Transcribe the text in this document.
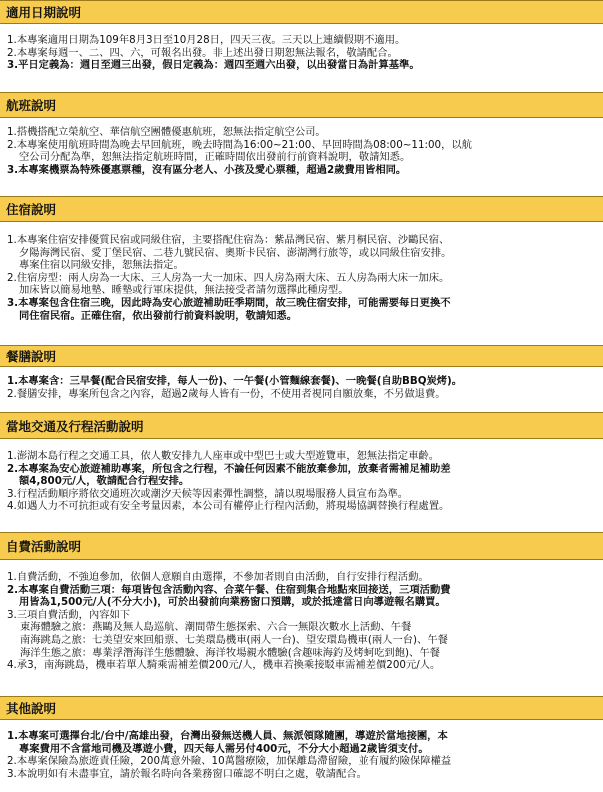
適用日期說明
1.本專案適用日期為109年8月3日至10月28日，四天三夜。三天以上連續假期不適用。
2.本專案每週一、二、四、六，可報名出發。非上述出發日期恕無法報名，敬請配合。
3.平日定義為：週日至週三出發，假日定義為：週四至週六出發，以出發當日為計算基準。
航班說明
1.搭機搭配立榮航空、華信航空團體優惠航班，恕無法指定航空公司。
2.本專案使用航班時間為晚去早回航班，晚去時間為16:00~21:00、早回時間為08:00~11:00，以航
空公司分配為準，恕無法指定航班時間，正確時間依出發前行前資料說明，敬請知悉。
3.本專案機票為特殊優惠票種，沒有區分老人、小孩及愛心票種，超過2歲費用皆相同。
住宿說明
1.本專案住宿安排優質民宿或同級住宿，主要搭配住宿為：紫晶灣民宿、紫月桐民宿、沙鷗民宿、
夕陽海灣民宿、愛丁堡民宿、二巷九號民宿、奧斯卡民宿、澎湖灣行旅等，或以同級住宿安排。
專案住宿以同級安排，恕無法指定。
2.住宿房型：兩人房為一大床、三人房為一大一加床、四人房為兩大床、五人房為兩大床一加床。
加床皆以簡易地墊、睡墊或行軍床提供，無法接受者請勿選擇此種房型。
3.本專案包含住宿三晚，因此時為安心旅遊補助旺季期間，故三晚住宿安排，可能需要每日更換不
同住宿民宿。正確住宿，依出發前行前資料說明，敬請知悉。
餐膳說明
1.本專案含：三早餐(配合民宿安排，每人一份)、一午餐(小管麵線套餐)、一晚餐(自助BBQ炭烤)。
2.餐膳安排，專案所包含之內容，超過2歲每人皆有一份，不使用者視同自願放棄，不另做退費。
當地交通及行程活動說明
1.澎湖本島行程之交通工具，依人數安排九人座車或中型巴士或大型遊覽車，恕無法指定車齡。
2.本專案為安心旅遊補助專案，所包含之行程，不論任何因素不能放棄參加，放棄者需補足補助差
額4,800元/人，敬請配合行程安排。
3.行程活動順序將依交通班次或潮汐天候等因素彈性調整，請以現場服務人員宣布為準。
4.如遇人力不可抗拒或有安全考量因素，本公司有權停止行程內活動，將現場協調替換行程處置。
自費活動說明
1.自費活動，不強迫參加，依個人意願自由選擇，不參加者則自由活動，自行安排行程活動。
2.本專案自費活動三項：每項皆包含活動內容、合菜午餐、住宿到集合地點來回接送，三項活動費
用皆為1,500元/人(不分大小)，可於出發前向業務窗口預購，或於抵達當日向導遊報名購買。
3.三項自費活動，內容如下
東海體驗之旅：燕鷗及無人島巡航、潮間帶生態探索、六合一無限次數水上活動、午餐
南海跳島之旅：七美望安來回船票、七美環島機車(兩人一台)、望安環島機車(兩人一台)、午餐
海洋生態之旅：專業浮潛海洋生態體驗、海洋牧場親水體驗(含趣味海釣及烤蚵吃到飽)、午餐
4.承3，南海跳島，機車若單人騎乘需補差價200元/人，機車若換乘接駁車需補差價200元/人。
其他說明
1.本專案可選擇台北/台中/高雄出發，台灣出發無送機人員、無派領隊隨團，導遊於當地接團，本
專案費用不含當地司機及導遊小費，四天每人需另付400元，不分大小超過2歲皆須支付。
2.本專案保險為旅遊責任險，200萬意外險、10萬醫療險，加保離島滯留險，並有履約險保障權益
3.本說明如有未盡事宜，請於報名時向各業務窗口確認不明白之處，敬請配合。
